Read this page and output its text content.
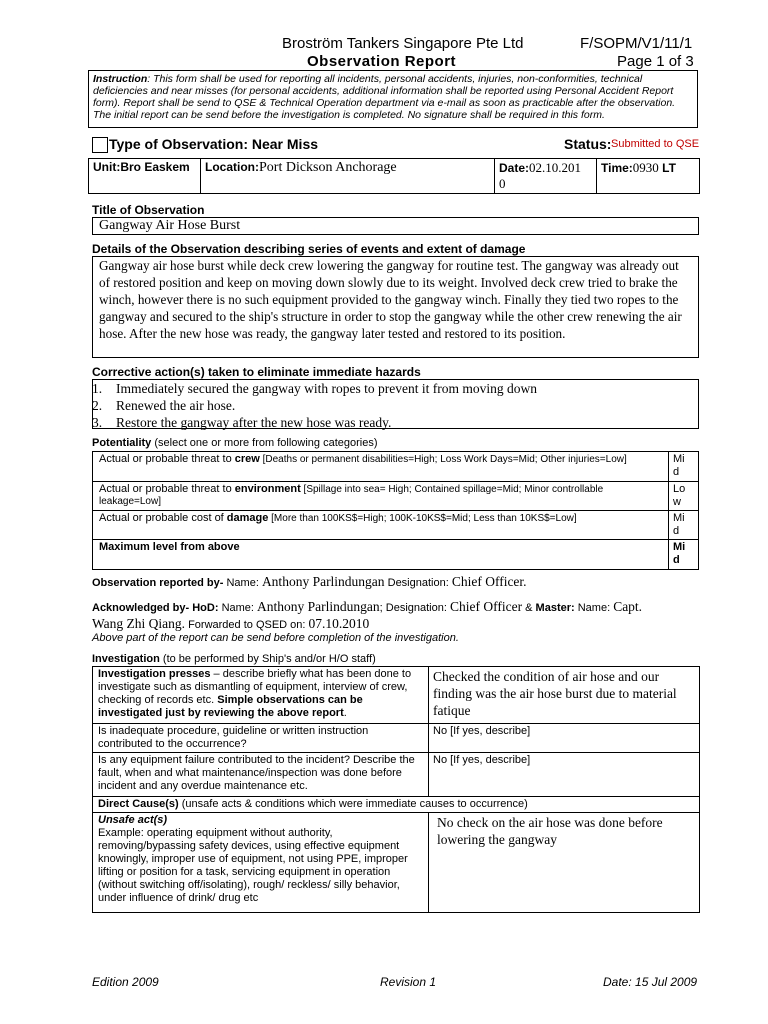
Broström Tankers Singapore Pte Ltd	F/SOPM/V1/11/1
Observation Report	Page 1 of 3
Instruction: This form shall be used for reporting all incidents, personal accidents, injuries, non-conformities, technical deficiencies and near misses (for personal accidents, additional information shall be reported using Personal Accident Report form). Report shall be send to QSE & Technical Operation department via e-mail as soon as practicable after the observation. The initial report can be send before the investigation is completed. No signature shall be required in this form.
Type of Observation: Near Miss	Status: Submitted to QSE
Unit:Bro Easkem	Location:Port Dickson Anchorage	Date:02.10.201
0	Time:0930 LT
Title of Observation
Gangway Air Hose Burst
Details of the Observation describing series of events and extent of damage
Gangway air hose burst while deck crew lowering the gangway for routine test. The gangway was already out of restored position and keep on moving down slowly due to its weight. Involved deck crew tried to brake the winch, however there is no such equipment provided to the gangway winch. Finally they tied two ropes to the gangway and secured to the ship's structure in order to stop the gangway while the other crew renewing the air hose. After the new hose was ready, the gangway later tested and restored to its position.
Corrective action(s) taken to eliminate immediate hazards
1. Immediately secured the gangway with ropes to prevent it from moving down
2. Renewed the air hose.
3. Restore the gangway after the new hose was ready.
Potentiality (select one or more from following categories)
Actual or probable threat to crew [Deaths or permanent disabilities=High; Loss Work Days=Mid; Other injuries=Low]	Mi
d
Actual or probable threat to environment [Spillage into sea= High; Contained spillage=Mid; Minor controllable leakage=Low]	Lo
w
Actual or probable cost of damage [More than 100KS$=High; 100K-10KS$=Mid; Less than 10KS$=Low]	Mi
d
Maximum level from above	Mi
d
Observation reported by- Name: Anthony Parlindungan Designation: Chief Officer.
Acknowledged by- HoD: Name: Anthony Parlindungan; Designation: Chief Officer & Master: Name: Capt.
Wang Zhi Qiang. Forwarded to QSED on: 07.10.2010
Above part of the report can be send before completion of the investigation.
Investigation (to be performed by Ship's and/or H/O staff)
Investigation presses – describe briefly what has been done to investigate such as dismantling of equipment, interview of crew, checking of records etc. Simple observations can be investigated just by reviewing the above report.	Checked the condition of air hose and our finding was the air hose burst due to material fatique
Is inadequate procedure, guideline or written instruction contributed to the occurrence?	No [If yes, describe]
Is any equipment failure contributed to the incident? Describe the fault, when and what maintenance/inspection was done before incident and any overdue maintenance etc.	No [If yes, describe]
Direct Cause(s) (unsafe acts & conditions which were immediate causes to occurrence)	

Unsafe act(s)
Example: operating equipment without authority, removing/bypassing safety devices, using effective equipment knowingly, improper use of equipment, not using PPE, improper lifting or position for a task, servicing equipment in operation (without switching off/isolating), rough/ reckless/ silly behavior, under influence of drink/ drug etc	No check on the air hose was done before lowering the gangway
Edition 2009	Revision 1	Date: 15 Jul 2009
